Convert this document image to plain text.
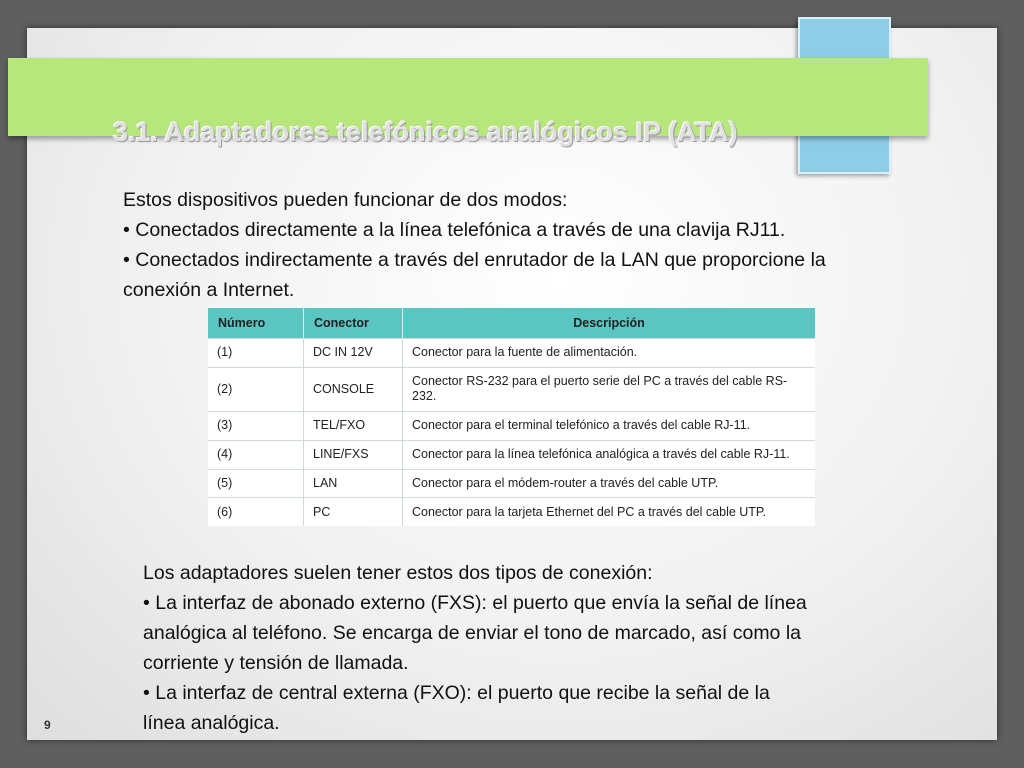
3.1. Adaptadores telefónicos analógicos IP (ATA)
Estos dispositivos pueden funcionar de dos modos:
• Conectados directamente a la línea telefónica a través de una clavija RJ11.
• Conectados indirectamente a través del enrutador de la LAN que proporcione la
conexión a Internet.
Número	Conector	Descripción
(1)	DC IN 12V	Conector para la fuente de alimentación.
(2)	CONSOLE	Conector RS-232 para el puerto serie del PC a través del cable RS-232.
(3)	TEL/FXO	Conector para el terminal telefónico a través del cable RJ-11.
(4)	LINE/FXS	Conector para la línea telefónica analógica a través del cable RJ-11.
(5)	LAN	Conector para el módem-router a través del cable UTP.
(6)	PC	Conector para la tarjeta Ethernet del PC a través del cable UTP.
Los adaptadores suelen tener estos dos tipos de conexión:
• La interfaz de abonado externo (FXS): el puerto que envía la señal de línea
analógica al teléfono. Se encarga de enviar el tono de marcado, así como la
corriente y tensión de llamada.
• La interfaz de central externa (FXO): el puerto que recibe la señal de la
línea analógica.
9
